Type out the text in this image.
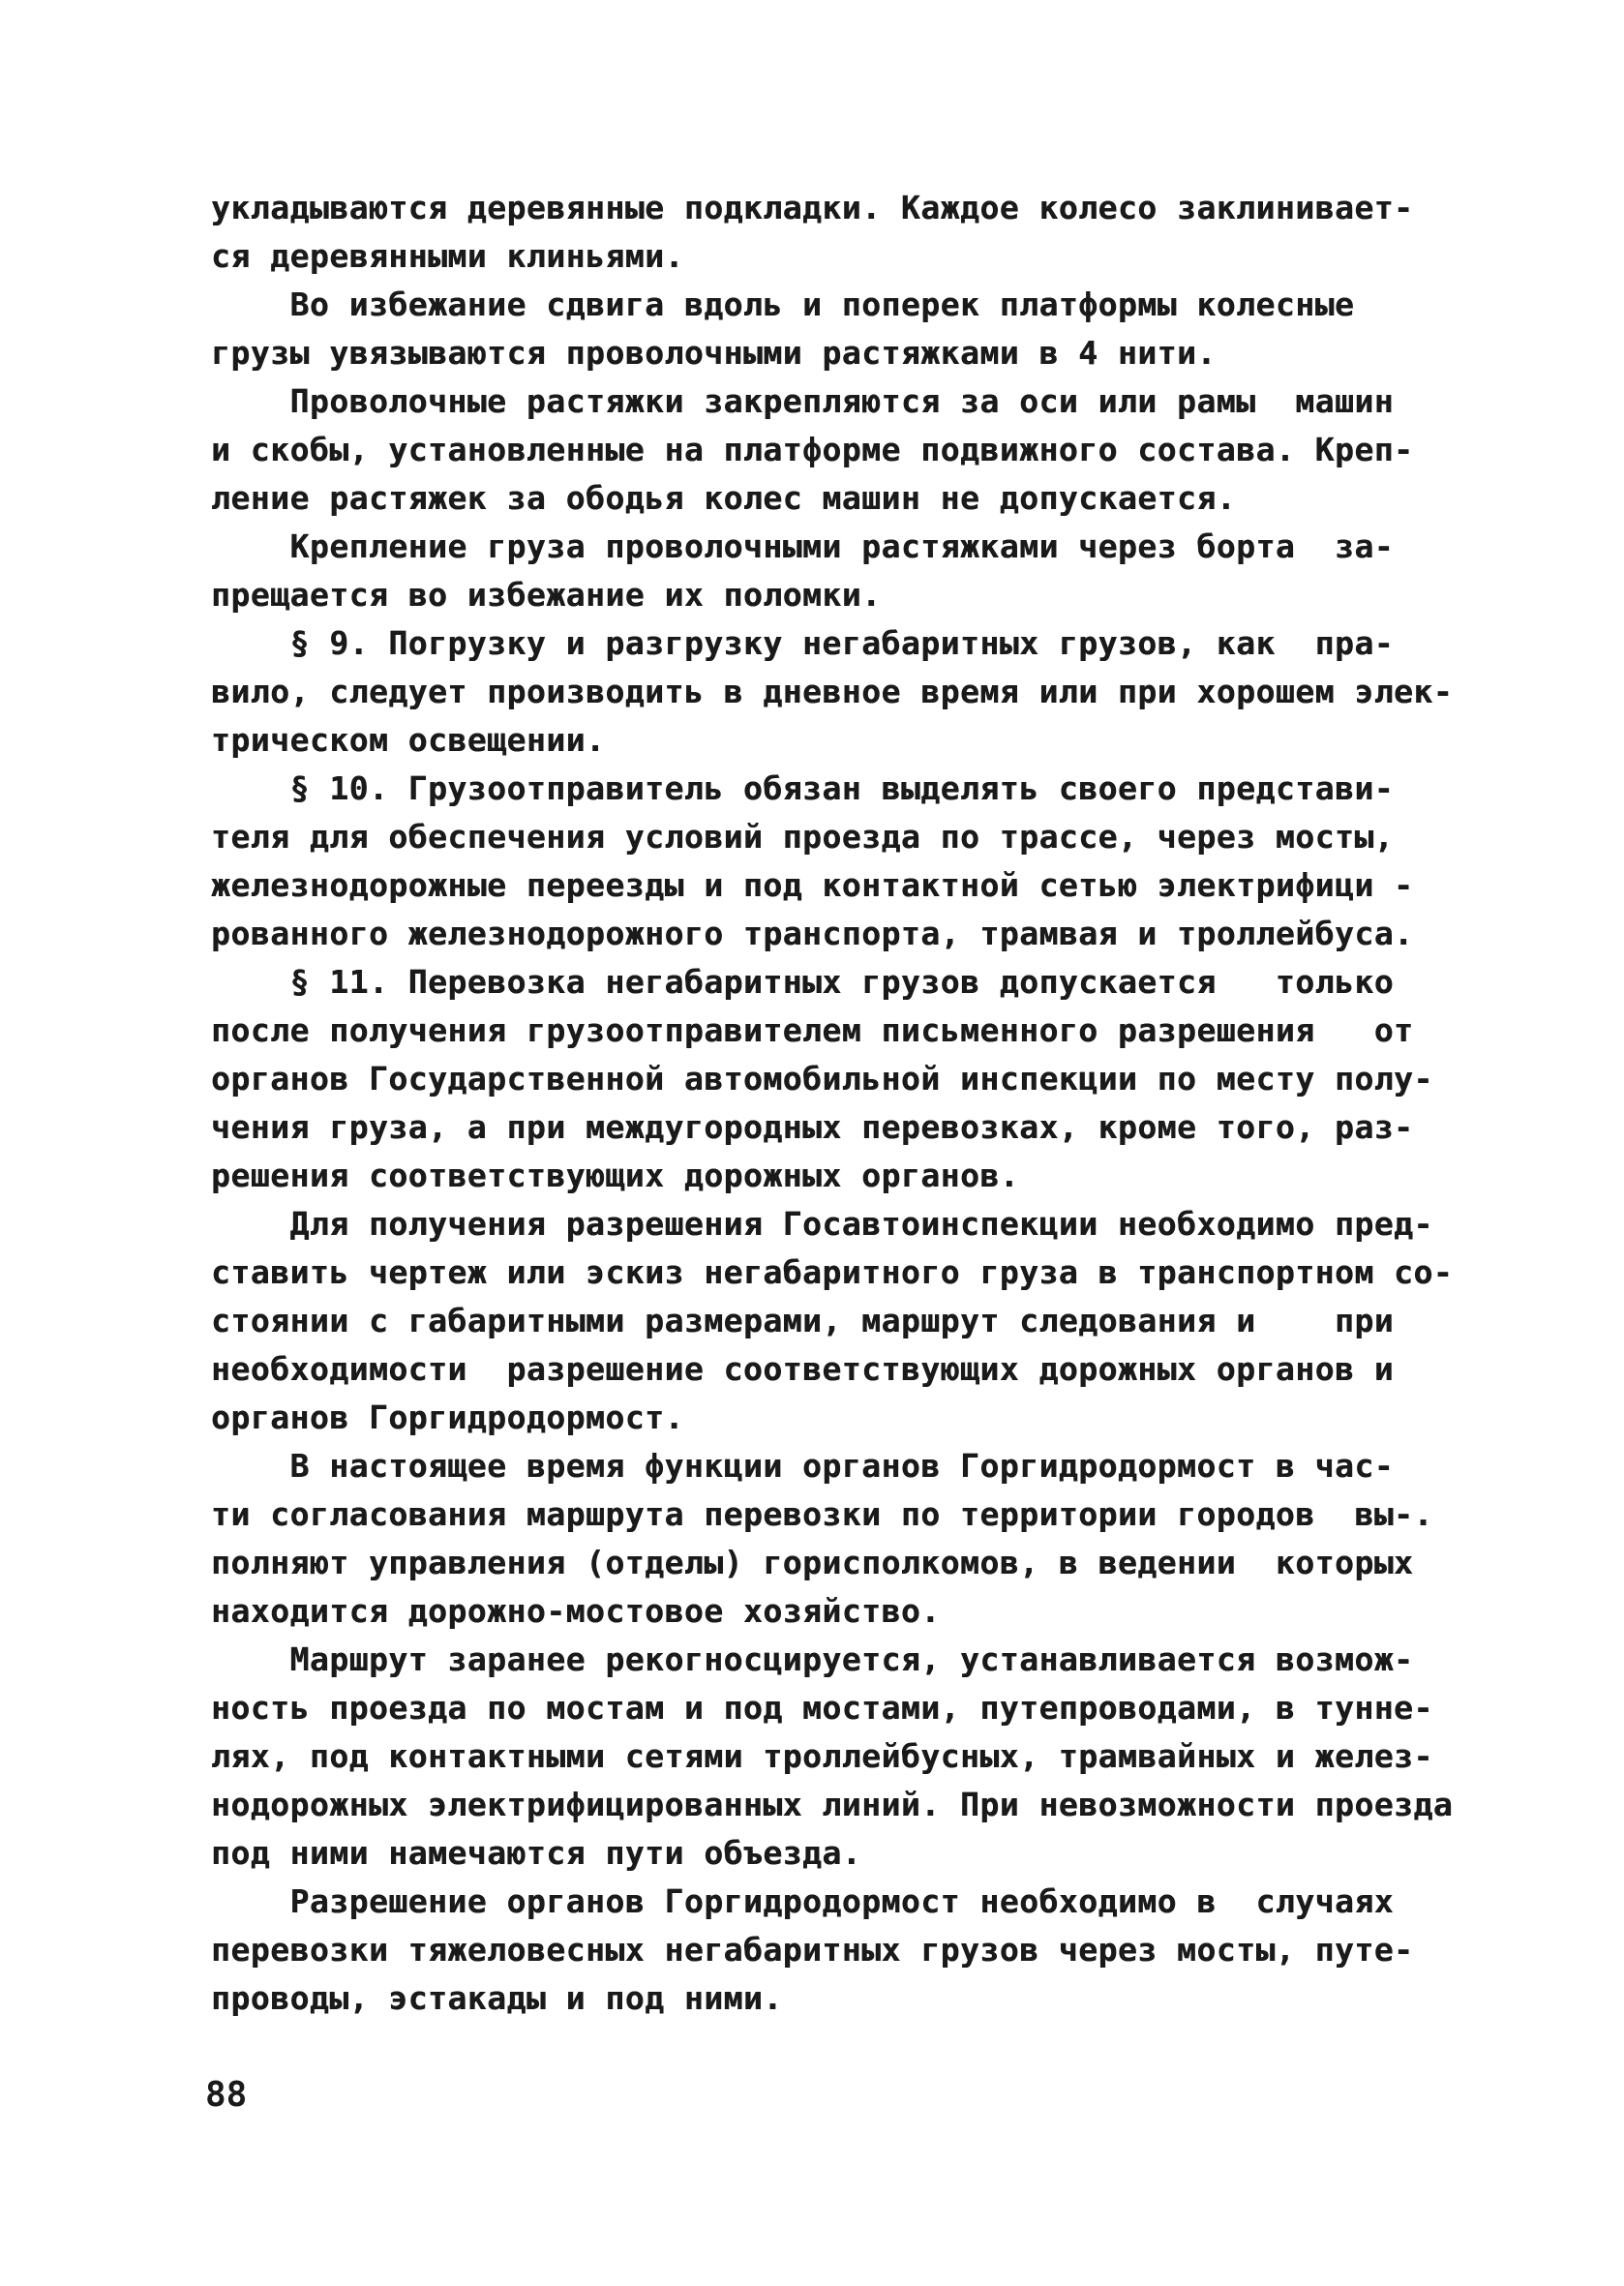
укладываются деревянные подкладки. Каждое колесо заклинивает-
ся деревянными клиньями.
Во избежание сдвига вдоль и поперек платформы колесные
грузы увязываются проволочными растяжками в 4 нити.
Проволочные растяжки закрепляются за оси или рамы  машин
и скобы, установленные на платформе подвижного состава. Креп-
ление растяжек за ободья колес машин не допускается.
Крепление груза проволочными растяжками через борта  за-
прещается во избежание их поломки.
§ 9. Погрузку и разгрузку негабаритных грузов, как  пра-
вило, следует производить в дневное время или при хорошем элек-
трическом освещении.
§ 10. Грузоотправитель обязан выделять своего представи-
теля для обеспечения условий проезда по трассе, через мосты,
железнодорожные переезды и под контактной сетью электрифици -
рованного железнодорожного транспорта, трамвая и троллейбуса.
§ 11. Перевозка негабаритных грузов допускается   только
после получения грузоотправителем письменного разрешения   от
органов Государственной автомобильной инспекции по месту полу-
чения груза, а при междугородных перевозках, кроме того, раз-
решения соответствующих дорожных органов.
Для получения разрешения Госавтоинспекции необходимо пред-
ставить чертеж или эскиз негабаритного груза в транспортном со-
стоянии с габаритными размерами, маршрут следования и    при
необходимости  разрешение соответствующих дорожных органов и
органов Горгидродормост.
В настоящее время функции органов Горгидродормост в час-
ти согласования маршрута перевозки по территории городов  вы-.
полняют управления (отделы) горисполкомов, в ведении  которых
находится дорожно-мостовое хозяйство.
Маршрут заранее рекогносцируется, устанавливается возмож-
ность проезда по мостам и под мостами, путепроводами, в тунне-
лях, под контактными сетями троллейбусных, трамвайных и желез-
нодорожных электрифицированных линий. При невозможности проезда
под ними намечаются пути объезда.
Разрешение органов Горгидродормост необходимо в  случаях
перевозки тяжеловесных негабаритных грузов через мосты, путе-
проводы, эстакады и под ними.
88
